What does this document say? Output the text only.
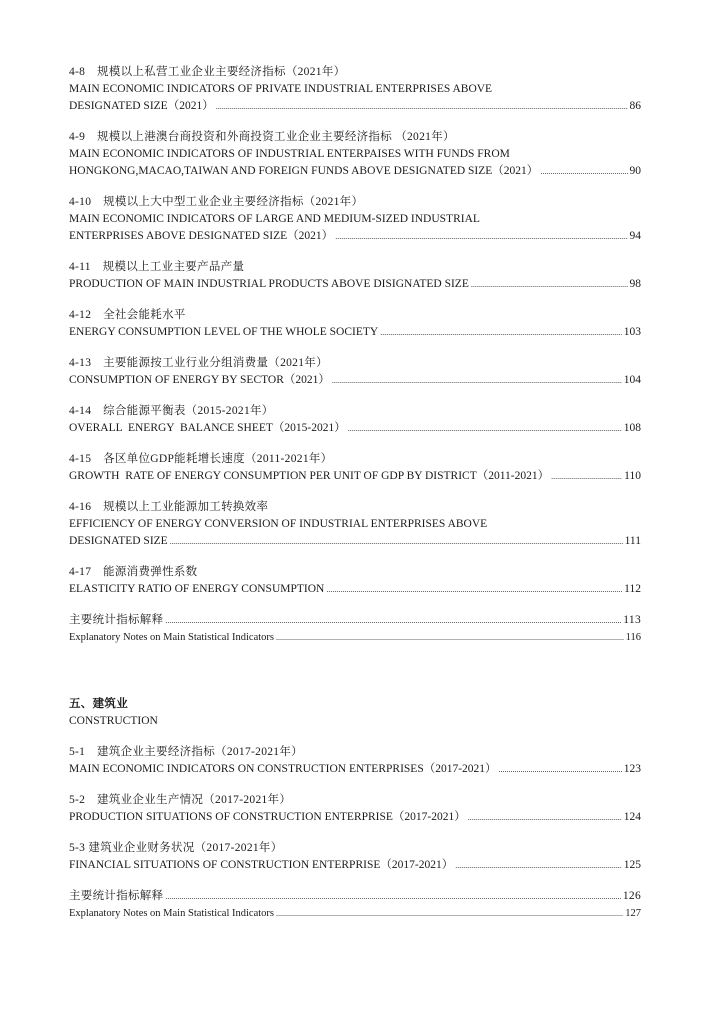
4-8　规模以上私营工业企业主要经济指标（2021年）
MAIN ECONOMIC INDICATORS OF PRIVATE INDUSTRIAL ENTERPRISES ABOVE
DESIGNATED SIZE（2021） .....	86
4-9　规模以上港澳台商投资和外商投资工业企业主要经济指标 （2021年）
MAIN ECONOMIC INDICATORS OF INDUSTRIAL ENTERPAISES WITH FUNDS FROM
HONGKONG,MACAO,TAIWAN AND FOREIGN FUNDS ABOVE DESIGNATED SIZE（2021） .....	90
4-10　规模以上大中型工业企业主要经济指标（2021年）
MAIN ECONOMIC INDICATORS OF LARGE AND MEDIUM-SIZED INDUSTRIAL
ENTERPRISES ABOVE DESIGNATED SIZE（2021） .....	94
4-11　规模以上工业主要产品产量
PRODUCTION OF MAIN INDUSTRIAL PRODUCTS ABOVE DISIGNATED SIZE .....	98
4-12　全社会能耗水平
ENERGY CONSUMPTION LEVEL OF THE WHOLE SOCIETY .....	103
4-13　主要能源按工业行业分组消费量（2021年）
CONSUMPTION OF ENERGY BY SECTOR（2021） .....	104
4-14　综合能源平衡表（2015-2021年）
OVERALL  ENERGY  BALANCE SHEET（2015-2021） .....	108
4-15　各区单位GDP能耗增长速度（2011-2021年）
GROWTH  RATE OF ENERGY CONSUMPTION PER UNIT OF GDP BY DISTRICT（2011-2021） .....	110
4-16　规模以上工业能源加工转换效率
EFFICIENCY OF ENERGY CONVERSION OF INDUSTRIAL ENTERPRISES ABOVE
DESIGNATED SIZE .....	111
4-17　能源消费弹性系数
ELASTICITY RATIO OF ENERGY CONSUMPTION .....	112
主要统计指标解释 .....	113
Explanatory Notes on Main Statistical Indicators .....	116
五、建筑业
CONSTRUCTION
5-1　建筑企业主要经济指标（2017-2021年）
MAIN ECONOMIC INDICATORS ON CONSTRUCTION ENTERPRISES（2017-2021） .....	123
5-2　建筑业企业生产情况（2017-2021年）
PRODUCTION SITUATIONS OF CONSTRUCTION ENTERPRISE（2017-2021） .....	124
5-3 建筑业企业财务状况（2017-2021年）
FINANCIAL SITUATIONS OF CONSTRUCTION ENTERPRISE（2017-2021） .....	125
主要统计指标解释 .....	126
Explanatory Notes on Main Statistical Indicators .....	127
